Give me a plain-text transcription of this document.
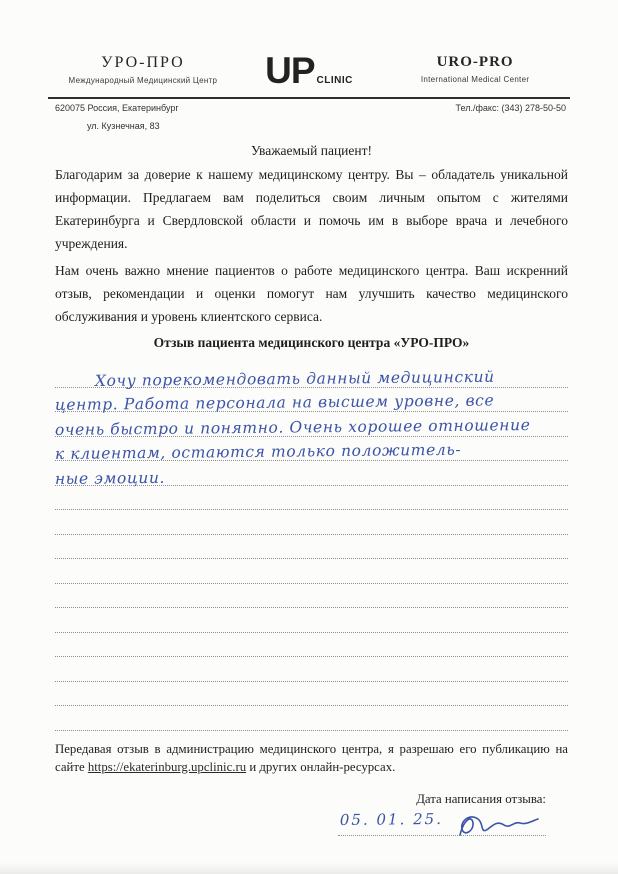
УРО-ПРО
Международный Медицинский Центр	UP CLINIC
URO-PRO
International Medical Center
620075 Россия, Екатеринбург
ул. Кузнечная, 83
Тел./факс: (343) 278-50-50
Уважаемый пациент!

Благодарим за доверие к нашему медицинскому центру. Вы – обладатель уникальной информации. Предлагаем вам поделиться своим личным опытом с жителями Екатеринбурга и Свердловской области и помочь им в выборе врача и лечебного учреждения.

Нам очень важно мнение пациентов о работе медицинского центра. Ваш искренний отзыв, рекомендации и оценки помогут нам улучшить качество медицинского обслуживания и уровень клиентского сервиса.

Отзыв пациента медицинского центра «УРО-ПРО»
Хочу порекомендовать данный медицинский
центр. Работа персонала на высшем уровне, все
очень быстро и понятно. Очень хорошее отношение
к клиентам, остаются только положитель-
ные эмоции.

Передавая отзыв в администрацию медицинского центра, я разрешаю его публикацию на сайте https://ekaterinburg.upclinic.ru и других онлайн-ресурсах.

Дата написания отзыва:
05. 01. 25.
